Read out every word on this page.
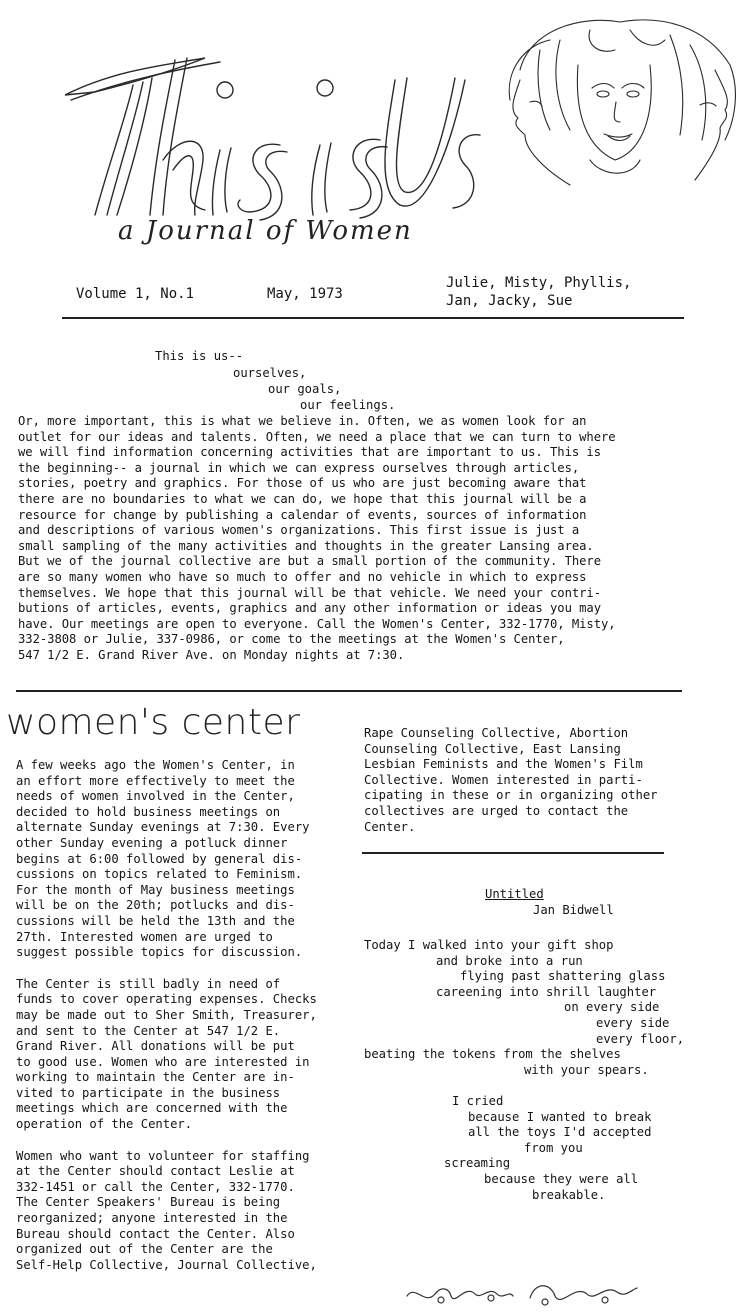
a Journal of Women
Volume 1, No.1	May, 1973
Julie, Misty, Phyllis,
Jan, Jacky, Sue
This is us--
ourselves,
our goals,
our feelings.
Or, more important, this is what we believe in. Often, we as women look for an
outlet for our ideas and talents. Often, we need a place that we can turn to where
we will find information concerning activities that are important to us. This is
the beginning-- a journal in which we can express ourselves through articles,
stories, poetry and graphics. For those of us who are just becoming aware that
there are no boundaries to what we can do, we hope that this journal will be a
resource for change by publishing a calendar of events, sources of information
and descriptions of various women's organizations. This first issue is just a
small sampling of the many activities and thoughts in the greater Lansing area.
But we of the journal collective are but a small portion of the community. There
are so many women who have so much to offer and no vehicle in which to express
themselves. We hope that this journal will be that vehicle. We need your contri-
butions of articles, events, graphics and any other information or ideas you may
have. Our meetings are open to everyone. Call the Women's Center, 332-1770, Misty,
332-3808 or Julie, 337-0986, or come to the meetings at the Women's Center,
547 1/2 E. Grand River Ave. on Monday nights at 7:30.
women's center
A few weeks ago the Women's Center, in
an effort more effectively to meet the
needs of women involved in the Center,
decided to hold business meetings on
alternate Sunday evenings at 7:30. Every
other Sunday evening a potluck dinner
begins at 6:00 followed by general dis-
cussions on topics related to Feminism.
For the month of May business meetings
will be on the 20th; potlucks and dis-
cussions will be held the 13th and the
27th. Interested women are urged to
suggest possible topics for discussion.
The Center is still badly in need of
funds to cover operating expenses. Checks
may be made out to Sher Smith, Treasurer,
and sent to the Center at 547 1/2 E.
Grand River. All donations will be put
to good use. Women who are interested in
working to maintain the Center are in-
vited to participate in the business
meetings which are concerned with the
operation of the Center.
Women who want to volunteer for staffing
at the Center should contact Leslie at
332-1451 or call the Center, 332-1770.
The Center Speakers' Bureau is being
reorganized; anyone interested in the
Bureau should contact the Center. Also
organized out of the Center are the
Self-Help Collective, Journal Collective,
Rape Counseling Collective, Abortion
Counseling Collective, East Lansing
Lesbian Feminists and the Women's Film
Collective. Women interested in parti-
cipating in these or in organizing other
collectives are urged to contact the
Center.
Untitled
Jan Bidwell
Today I walked into your gift shop
and broke into a run
flying past shattering glass
careening into shrill laughter
on every side
every side
every floor,
beating the tokens from the shelves
with your spears.
I cried
because I wanted to break
all the toys I'd accepted
from you
screaming
because they were all
breakable.
